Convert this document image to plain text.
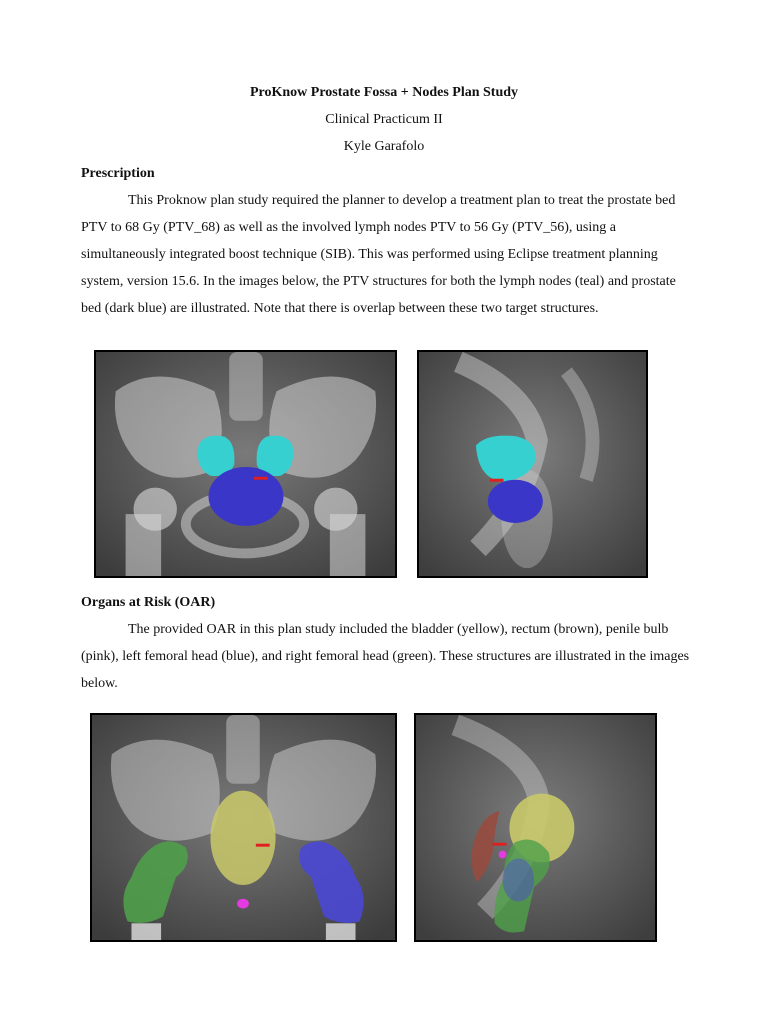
ProKnow Prostate Fossa + Nodes Plan Study
Clinical Practicum II
Kyle Garafolo
Prescription

This Proknow plan study required the planner to develop a treatment plan to treat the prostate bed PTV to 68 Gy (PTV_68) as well as the involved lymph nodes PTV to 56 Gy (PTV_56), using a simultaneously integrated boost technique (SIB). This was performed using Eclipse treatment planning system, version 15.6. In the images below, the PTV structures for both the lymph nodes (teal) and prostate bed (dark blue) are illustrated. Note that there is overlap between these two target structures.

Organs at Risk (OAR)

The provided OAR in this plan study included the bladder (yellow), rectum (brown), penile bulb (pink), left femoral head (blue), and right femoral head (green). These structures are illustrated in the images below.
